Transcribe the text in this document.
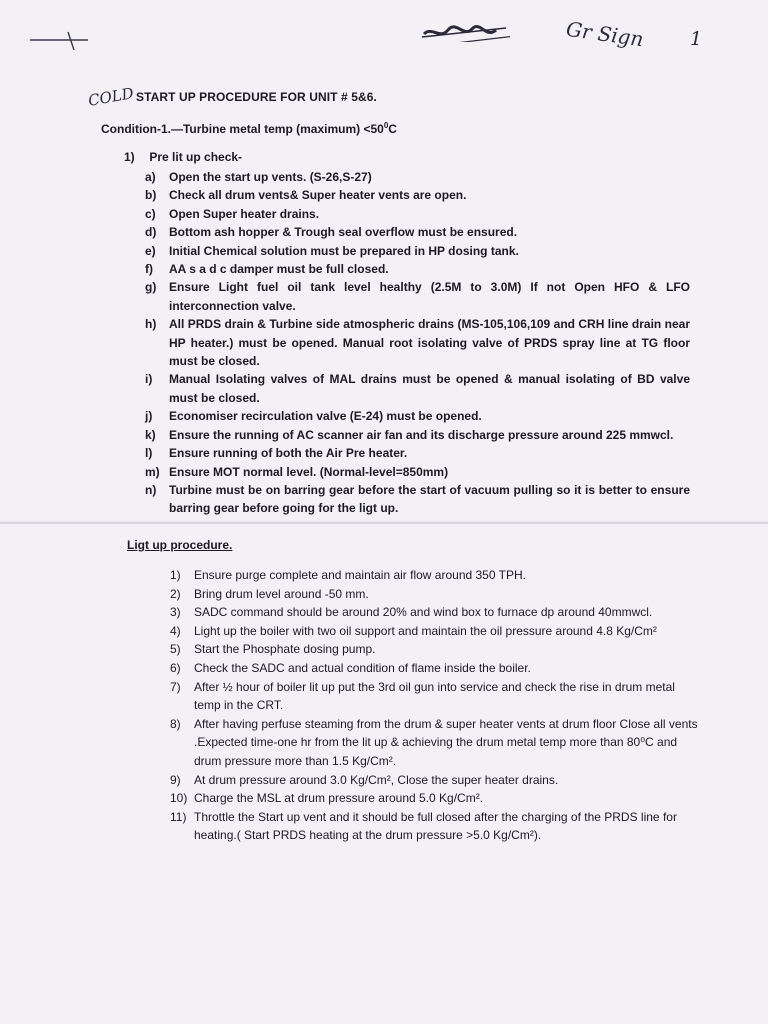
Gr Sign 1
COLD START UP PROCEDURE FOR UNIT # 5&6.
Condition-1.—Turbine metal temp (maximum) $<50^0C$
1) Pre lit up check-
a)	Open the start up vents. (S-26,S-27)
b)	Check all drum vents& Super heater vents are open.
c)	Open Super heater drains.
d)	Bottom ash hopper & Trough seal overflow must be ensured.
e)	Initial Chemical solution must be prepared in HP dosing tank.
f)	AA s a d c damper must be full closed.
g)	Ensure Light fuel oil tank level healthy (2.5M to 3.0M) If not Open HFO & LFO interconnection valve.
h)	All PRDS drain & Turbine side atmospheric drains (MS-105,106,109 and CRH line drain near HP heater.) must be opened. Manual root isolating valve of PRDS spray line at TG floor must be closed.
i)	Manual Isolating valves of MAL drains must be opened & manual isolating of BD valve must be closed.
j)	Economiser recirculation valve (E-24) must be opened.
k)	Ensure the running of AC scanner air fan and its discharge pressure around 225 mmwcl.
l)	Ensure running of both the Air Pre heater.
m) Ensure MOT normal level. (Normal-level=850mm)
n)	Turbine must be on barring gear before the start of vacuum pulling so it is better to ensure barring gear before going for the ligt up.
Ligt up procedure.
1)	Ensure purge complete and maintain air flow around 350 TPH.
2)	Bring drum level around -50 mm.
3)	SADC command should be around 20% and wind box to furnace dp around 40mmwcl.
4)	Light up the boiler with two oil support and maintain the oil pressure around 4.8 Kg/Cm²
5)	Start the Phosphate dosing pump.
6)	Check the SADC and actual condition of flame inside the boiler.
7)	After ½ hour of boiler lit up put the 3rd oil gun into service and check the rise in drum metal temp in the CRT.
8)	After having perfuse steaming from the drum & super heater vents at drum floor Close all vents .Expected time-one hr from the lit up & achieving the drum metal temp more than 80⁰C and drum pressure more than 1.5 Kg/Cm².
9)	At drum pressure around 3.0 Kg/Cm², Close the super heater drains.
10) Charge the MSL at drum pressure around 5.0 Kg/Cm².
11) Throttle the Start up vent and it should be full closed after the charging of the PRDS line for heating.( Start PRDS heating at the drum pressure >5.0 Kg/Cm²).
